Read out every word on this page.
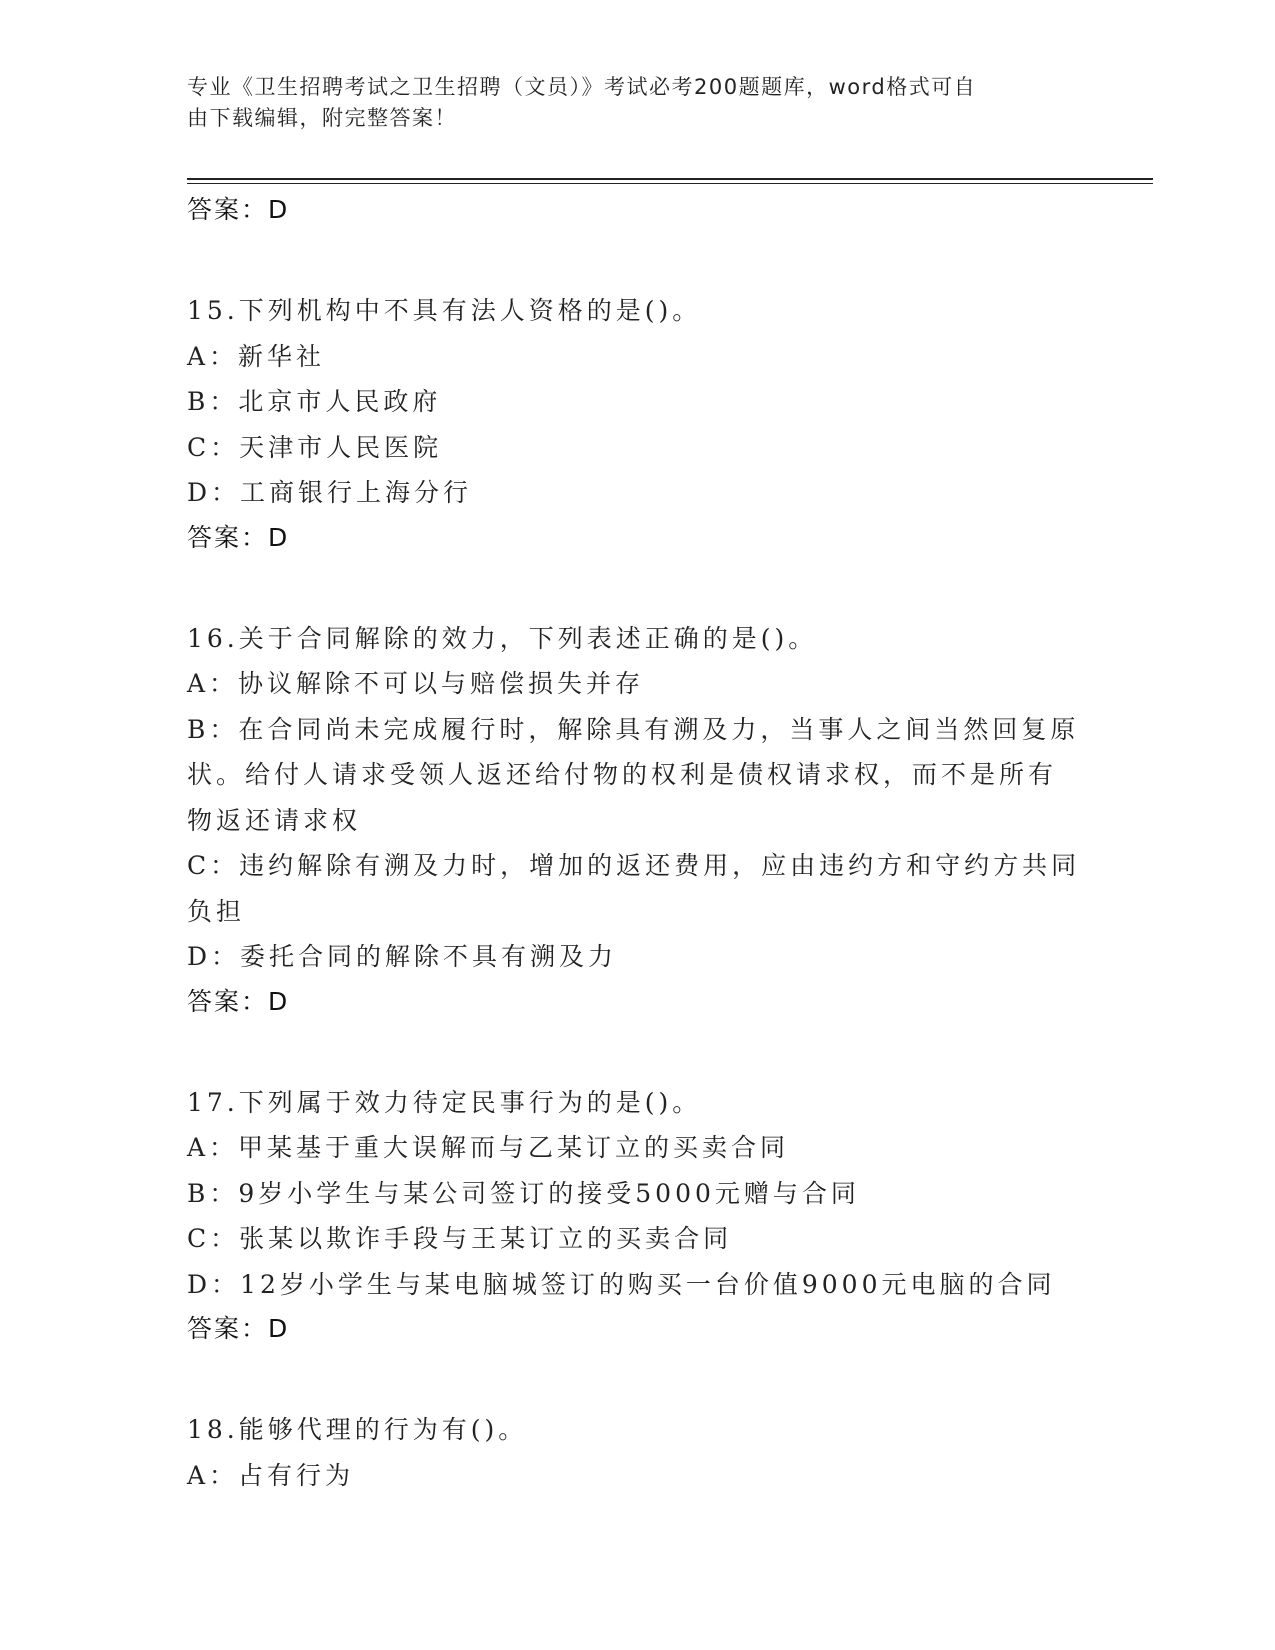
专业《卫生招聘考试之卫生招聘（文员）》考试必考200题题库，word格式可自
由下载编辑，附完整答案！
答案：D
15.下列机构中不具有法人资格的是()。
A：新华社
B：北京市人民政府
C：天津市人民医院
D：工商银行上海分行
答案：D
16.关于合同解除的效力，下列表述正确的是()。
A：协议解除不可以与赔偿损失并存
B：在合同尚未完成履行时，解除具有溯及力，当事人之间当然回复原
状。给付人请求受领人返还给付物的权利是债权请求权，而不是所有
物返还请求权
C：违约解除有溯及力时，增加的返还费用，应由违约方和守约方共同
负担
D：委托合同的解除不具有溯及力
答案：D
17.下列属于效力待定民事行为的是()。
A：甲某基于重大误解而与乙某订立的买卖合同
B：9岁小学生与某公司签订的接受5000元赠与合同
C：张某以欺诈手段与王某订立的买卖合同
D：12岁小学生与某电脑城签订的购买一台价值9000元电脑的合同
答案：D
18.能够代理的行为有()。
A：占有行为
